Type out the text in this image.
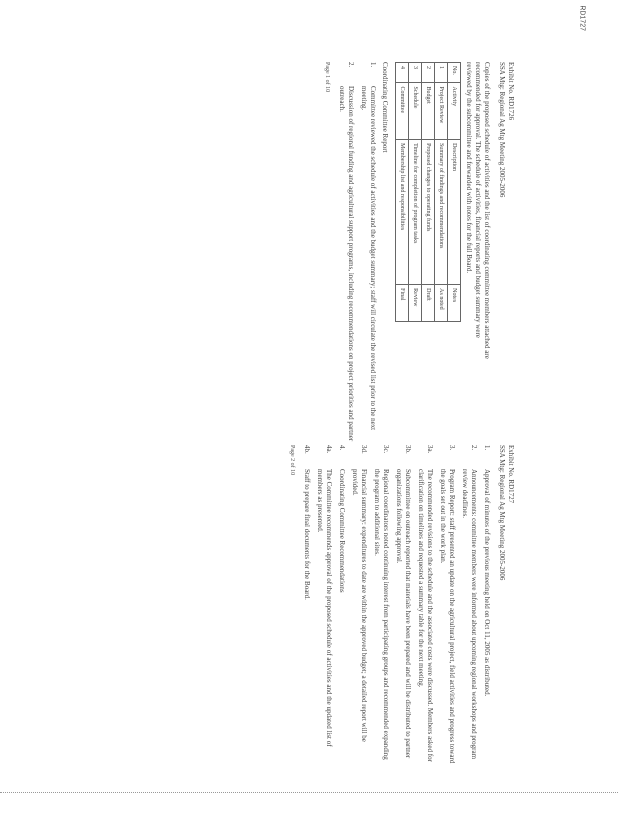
RD1727
Exhibit No. RD1726
SSA Mtg: Regional Ag Mtg Meeting 2005-2006

Copies of the proposed schedule of activities and the list of coordinating committee members attached are recommended for approval. The schedule of activities, financial reports and budget summary were reviewed by the subcommittee and forwarded with notes for the full Board.

No.	Activity	Description	Notes
1	Project Review	Summary of findings and recommendations	As noted
2	Budget	Proposed changes to operating funds	Draft
3	Schedule	Timeline for completion of program tasks	Review
4	Committee	Membership list and responsibilities	Final

Coordinating Committee Report

1.
Committee reviewed the schedule of activities and the budget summary; staff will circulate the revised list prior to the next meeting.
2.
Discussion of regional funding and agricultural support programs, including recommendations on project priorities and partner outreach.
Page 1 of 10
Exhibit No. RD1727
SSA Mtg: Regional Ag Mtg Meeting 2005-2006
1.
Approval of minutes of the previous meeting held on Oct 11, 2005 as distributed.
2.
Announcements: committee members were informed about upcoming regional workshops and program review deadlines.
3.
Program Report: staff presented an update on the agricultural project, field activities and progress toward the goals set out in the work plan.
3a.
The recommended revisions to the schedule and the associated costs were discussed. Members asked for clarification on timelines and requested a summary table for the next meeting.
3b.
Subcommittee on outreach reported that materials have been prepared and will be distributed to partner organizations following approval.
3c.
Regional coordinators noted continuing interest from participating groups and recommended expanding the program to additional sites.
3d.
Financial summary: expenditures to date are within the approved budget; a detailed report will be provided.
4.
Coordinating Committee Recommendations
4a.
The Committee recommends approval of the proposed schedule of activities and the updated list of members as presented.
4b.
Staff to prepare final documents for the Board.
Page 2 of 10
